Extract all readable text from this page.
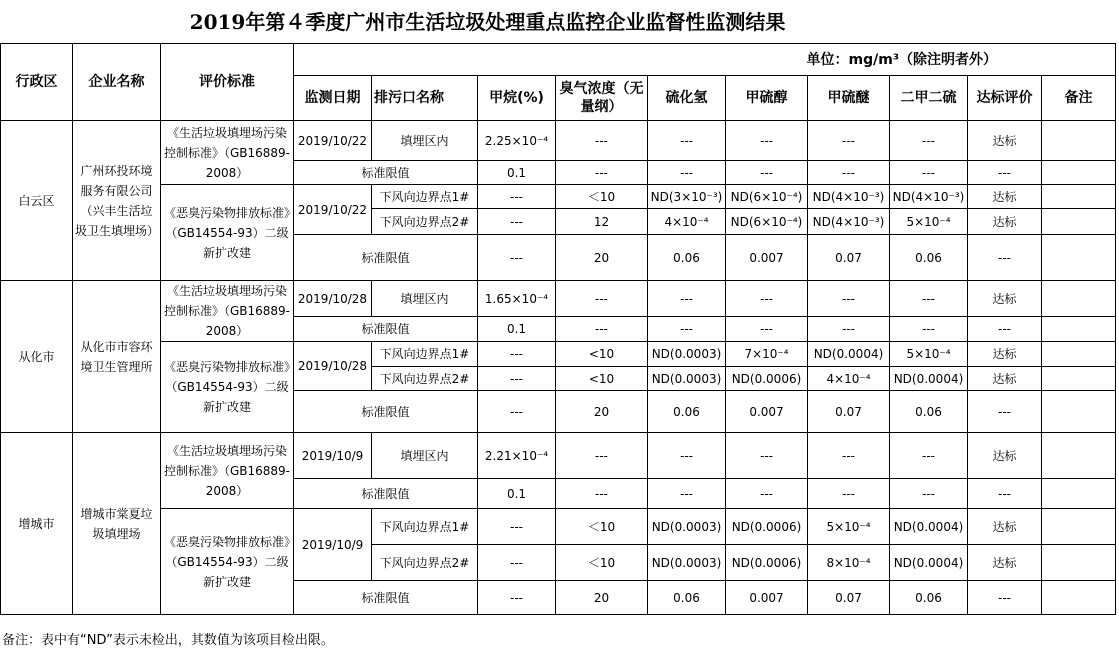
2019年第４季度广州市生活垃圾处理重点监控企业监督性监测结果
行政区	企业名称	评价标准	单位：mg/m³（除注明者外）									
			监测日期	排污口名称	甲烷(%)	臭气浓度（无量纲）	硫化氢	甲硫醇	甲硫醚	二甲二硫	达标评价	备注
白云区	广州环投环境服务有限公司（兴丰生活垃圾卫生填埋场）	《生活垃圾填埋场污染控制标准》（GB16889-2008）	2019/10/22	填埋区内	2.25×10⁻⁴	---	---	---	---	---	达标	
			标准限值		0.1	---	---	---	---	---	---	
		《恶臭污染物排放标准》（GB14554-93）二级新扩改建	2019/10/22	下风向边界点1#	---	＜10	ND(3×10⁻³)	ND(6×10⁻⁴)	ND(4×10⁻³)	ND(4×10⁻³)	达标	
				下风向边界点2#	---	12	4×10⁻⁴	ND(6×10⁻⁴)	ND(4×10⁻³)	5×10⁻⁴	达标	
			标准限值		---	20	0.06	0.007	0.07	0.06	---	
从化市	从化市市容环境卫生管理所	《生活垃圾填埋场污染控制标准》（GB16889-2008）	2019/10/28	填埋区内	1.65×10⁻⁴	---	---	---	---	---	达标	
			标准限值		0.1	---	---	---	---	---	---	
		《恶臭污染物排放标准》（GB14554-93）二级新扩改建	2019/10/28	下风向边界点1#	---	<10	ND(0.0003)	7×10⁻⁴	ND(0.0004)	5×10⁻⁴	达标	
				下风向边界点2#	---	<10	ND(0.0003)	ND(0.0006)	4×10⁻⁴	ND(0.0004)	达标	
			标准限值		---	20	0.06	0.007	0.07	0.06	---	
增城市	增城市棠夏垃圾填埋场	《生活垃圾填埋场污染控制标准》（GB16889-2008）	2019/10/9	填埋区内	2.21×10⁻⁴	---	---	---	---	---	达标	
			标准限值		0.1	---	---	---	---	---	---	
		《恶臭污染物排放标准》（GB14554-93）二级新扩改建	2019/10/9	下风向边界点1#	---	＜10	ND(0.0003)	ND(0.0006)	5×10⁻⁴	ND(0.0004)	达标	
				下风向边界点2#	---	＜10	ND(0.0003)	ND(0.0006)	8×10⁻⁴	ND(0.0004)	达标	
			标准限值		---	20	0.06	0.007	0.07	0.06	---	
备注：表中有“ND”表示未检出，其数值为该项目检出限。
